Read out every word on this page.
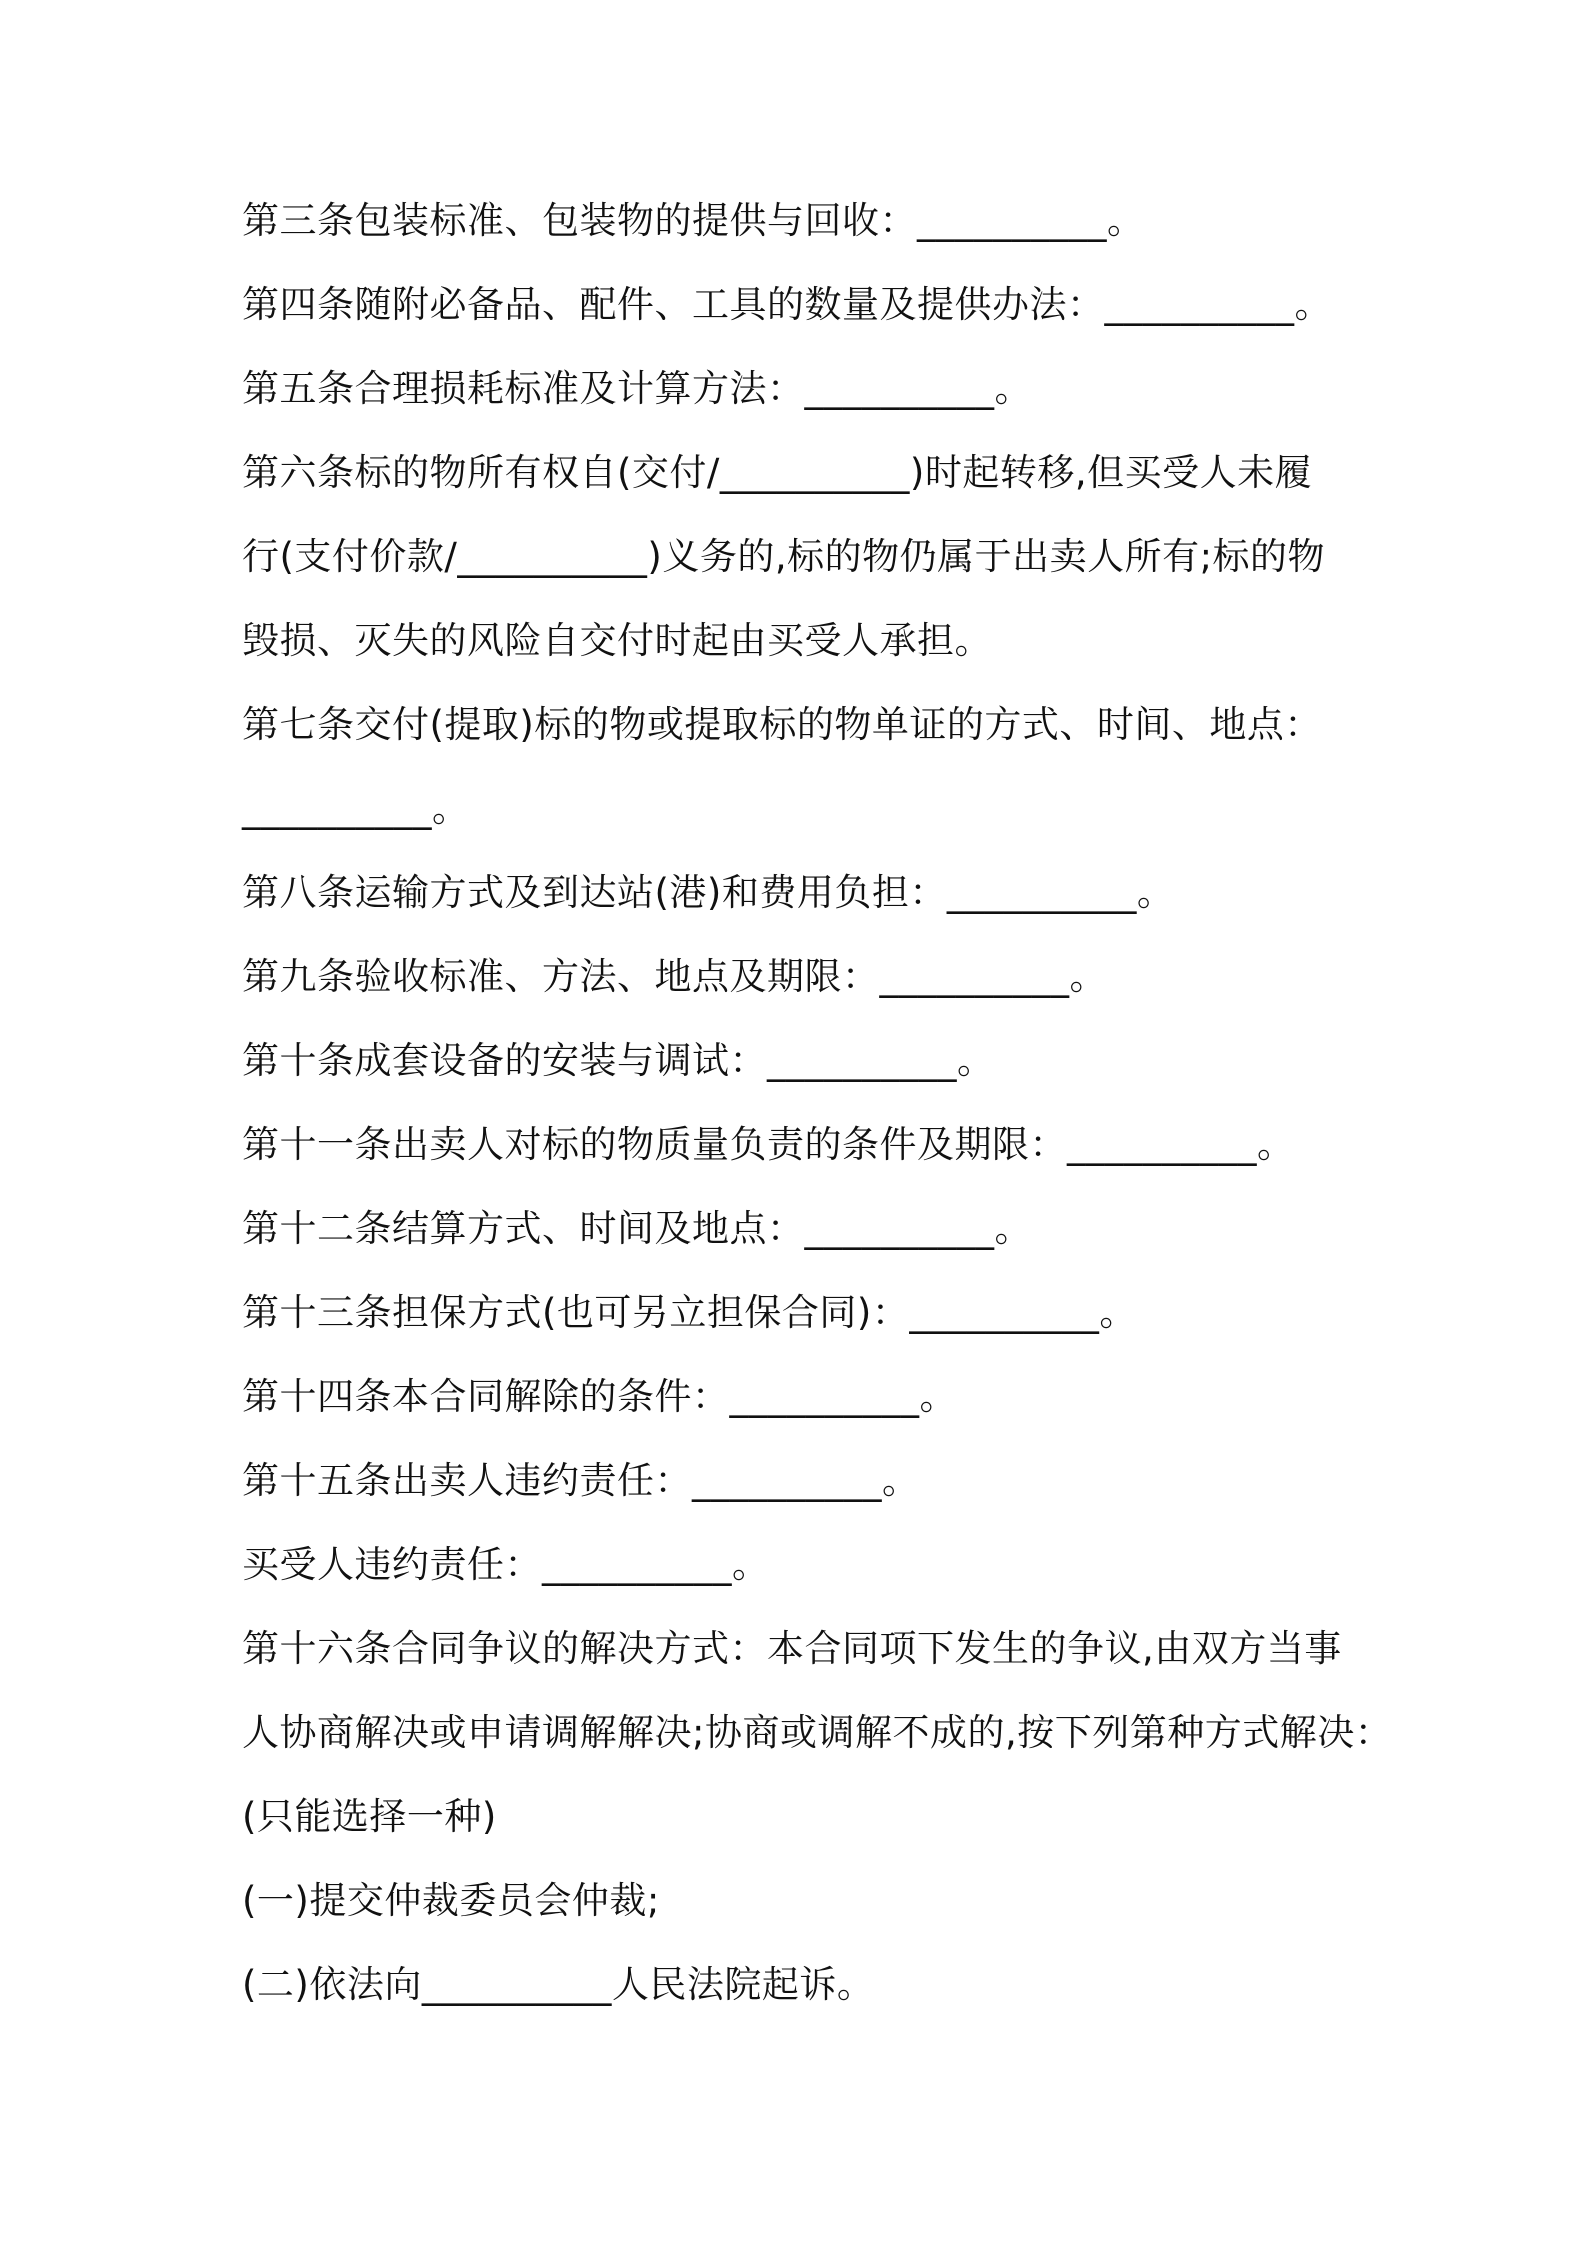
第三条包装标准、包装物的提供与回收：__________。
第四条随附必备品、配件、工具的数量及提供办法：__________。
第五条合理损耗标准及计算方法：__________。
第六条标的物所有权自(交付/__________)时起转移,但买受人未履
行(支付价款/__________)义务的,标的物仍属于出卖人所有;标的物
毁损、灭失的风险自交付时起由买受人承担。
第七条交付(提取)标的物或提取标的物单证的方式、时间、地点：
__________。
第八条运输方式及到达站(港)和费用负担：__________。
第九条验收标准、方法、地点及期限：__________。
第十条成套设备的安装与调试：__________。
第十一条出卖人对标的物质量负责的条件及期限：__________。
第十二条结算方式、时间及地点：__________。
第十三条担保方式(也可另立担保合同)：__________。
第十四条本合同解除的条件：__________。
第十五条出卖人违约责任：__________。
买受人违约责任：__________。
第十六条合同争议的解决方式：本合同项下发生的争议,由双方当事
人协商解决或申请调解解决;协商或调解不成的,按下列第种方式解决：
(只能选择一种)
(一)提交仲裁委员会仲裁;
(二)依法向__________人民法院起诉。
